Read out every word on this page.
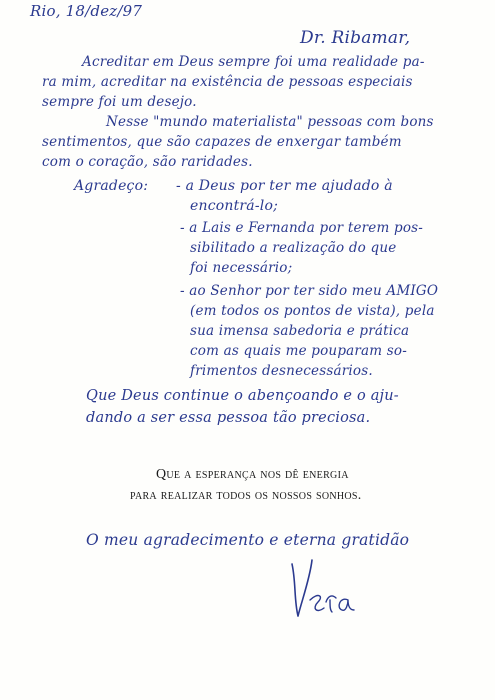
Rio, 18/dez/97
Dr. Ribamar,
Acreditar em Deus sempre foi uma realidade pa-
ra mim, acreditar na existência de pessoas especiais
sempre foi um desejo.
Nesse "mundo materialista" pessoas com bons
sentimentos, que são capazes de enxergar também
com o coração, são raridades.
Agradeço: - a Deus por ter me ajudado à
encontrá-lo;
- a Lais e Fernanda por terem pos-
sibilitado a realização do que
foi necessário;
- ao Senhor por ter sido meu AMIGO
(em todos os pontos de vista), pela
sua imensa sabedoria e prática
com as quais me pouparam so-
frimentos desnecessários.
Que Deus continue o abençoando e o aju-
dando a ser essa pessoa tão preciosa.
Que a esperança nos dê energia
para realizar todos os nossos sonhos.
O meu agradecimento e eterna gratidão
